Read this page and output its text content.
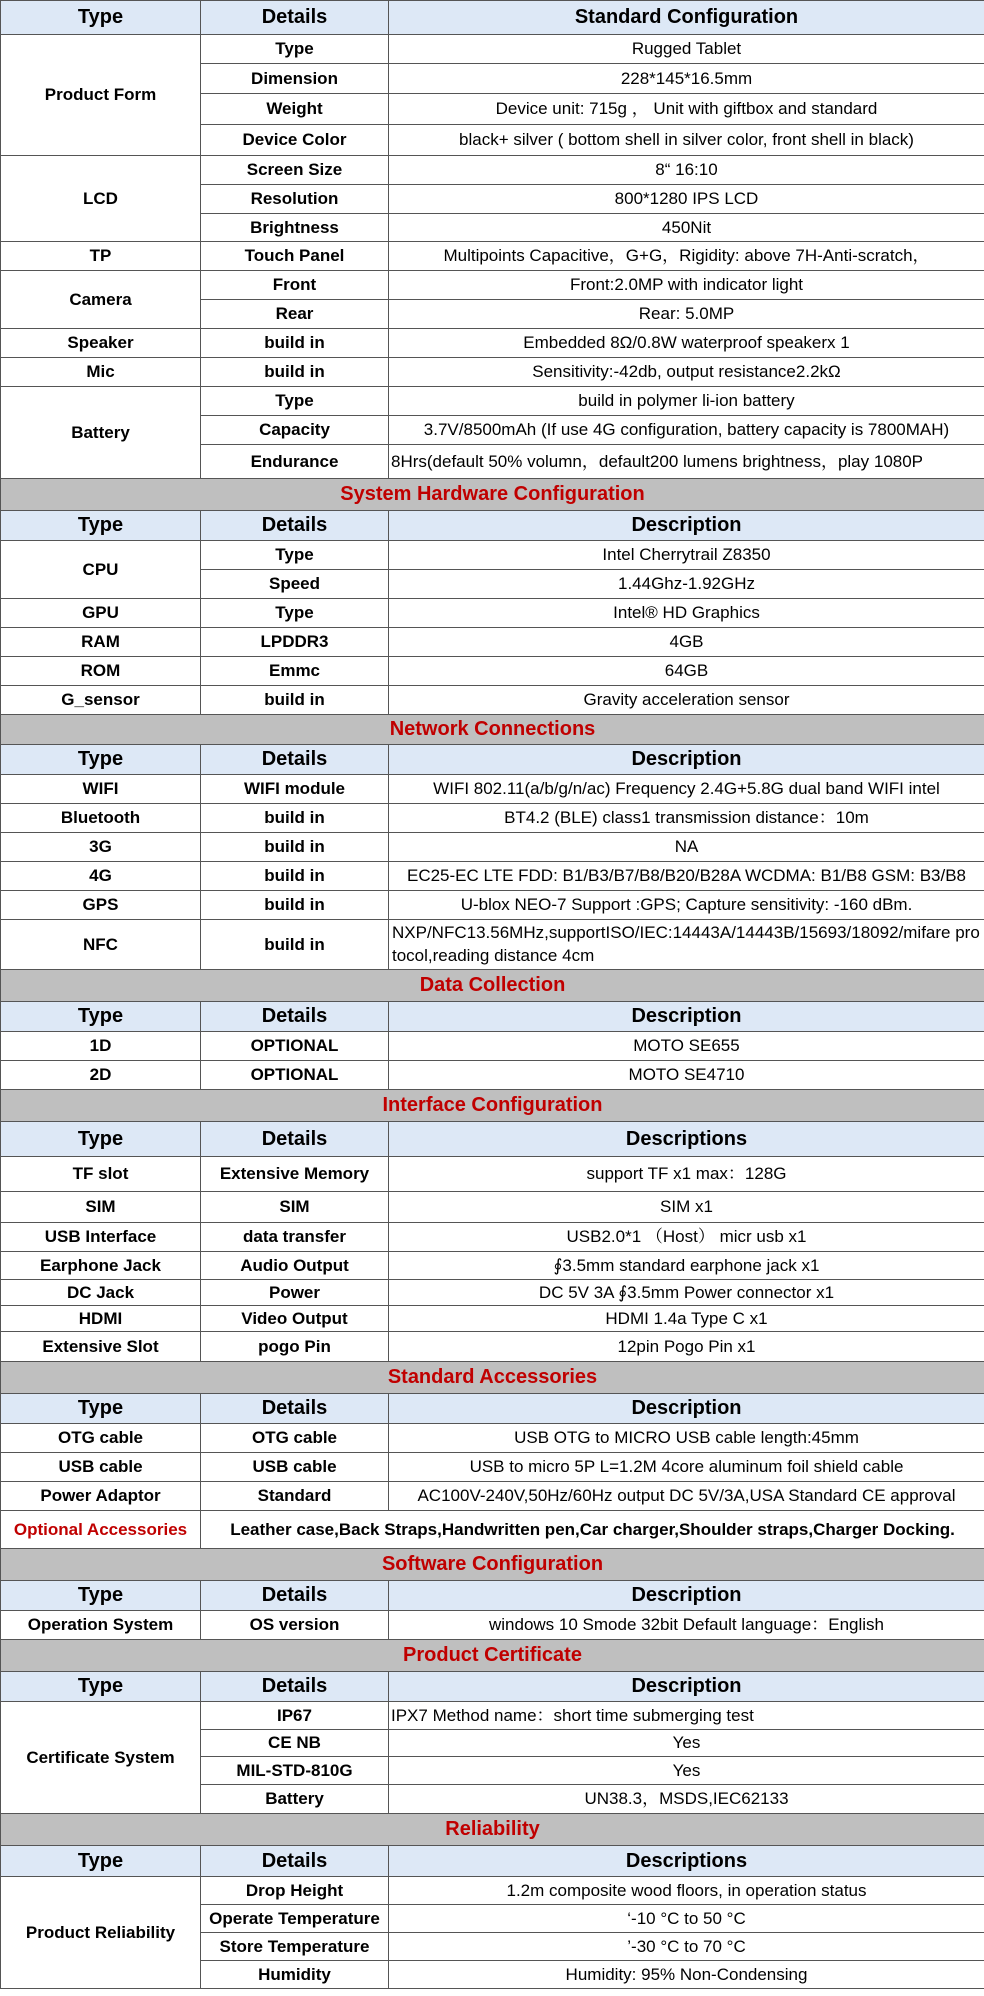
Type	Details	Standard Configuration
Product Form	Type	Rugged Tablet
	Dimension	228*145*16.5mm
	Weight	Device unit: 715g ， Unit with giftbox and standard
	Device Color	black+ silver ( bottom shell in silver color, front shell in black)
LCD	Screen Size	8“ 16:10
	Resolution	800*1280 IPS LCD
	Brightness	450Nit
TP	Touch Panel	Multipoints Capacitive，G+G，Rigidity: above 7H-Anti-scratch，
Camera	Front	Front:2.0MP with indicator light
	Rear	Rear: 5.0MP
Speaker	build in	Embedded 8Ω/0.8W waterproof speakerx 1
Mic	build in	Sensitivity:-42db, output resistance2.2kΩ
Battery	Type	build in polymer li-ion battery
	Capacity	3.7V/8500mAh (If use 4G configuration, battery capacity is 7800MAH)
	Endurance	8Hrs(default 50% volumn，default200 lumens brightness，play 1080P
System Hardware Configuration		
Type	Details	Description
CPU	Type	Intel Cherrytrail Z8350
	Speed	1.44Ghz-1.92GHz
GPU	Type	Intel® HD Graphics
RAM	LPDDR3	4GB
ROM	Emmc	64GB
G_sensor	build in	Gravity acceleration sensor
Network Connections		
Type	Details	Description
WIFI	WIFI module	WIFI 802.11(a/b/g/n/ac) Frequency 2.4G+5.8G dual band WIFI intel
Bluetooth	build in	BT4.2 (BLE) class1 transmission distance：10m
3G	build in	NA
4G	build in	EC25-EC LTE FDD: B1/B3/B7/B8/B20/B28A WCDMA: B1/B8 GSM: B3/B8
GPS	build in	U-blox NEO-7 Support :GPS; Capture sensitivity: -160 dBm.
NFC	build in	NXP/NFC13.56MHz,supportISO/IEC:14443A/14443B/15693/18092/mifare protocol,reading distance 4cm
Data Collection		
Type	Details	Description
1D	OPTIONAL	MOTO SE655
2D	OPTIONAL	MOTO SE4710
Interface Configuration		
Type	Details	Descriptions
TF slot	Extensive Memory	support TF x1 max：128G
SIM	SIM	SIM x1
USB Interface	data transfer	USB2.0*1 （Host） micr usb x1
Earphone Jack	Audio Output	∮3.5mm standard earphone jack x1
DC Jack	Power	DC 5V 3A ∮3.5mm Power connector x1
HDMI	Video Output	HDMI 1.4a Type C x1
Extensive Slot	pogo Pin	12pin Pogo Pin x1
Standard Accessories		
Type	Details	Description
OTG cable	OTG cable	USB OTG to MICRO USB cable length:45mm
USB cable	USB cable	USB to micro 5P L=1.2M 4core aluminum foil shield cable
Power Adaptor	Standard	AC100V-240V,50Hz/60Hz output DC 5V/3A,USA Standard CE approval
Optional Accessories	Leather case,Back Straps,Handwritten pen,Car charger,Shoulder straps,Charger Docking.	
Software Configuration		
Type	Details	Description
Operation System	OS version	windows 10 Smode 32bit Default language：English
Product Certificate		
Type	Details	Description
Certificate System	IP67	IPX7 Method name：short time submerging test
	CE NB	Yes
	MIL-STD-810G	Yes
	Battery	UN38.3，MSDS,IEC62133
Reliability		
Type	Details	Descriptions
Product Reliability	Drop Height	1.2m composite wood floors, in operation status
	Operate Temperature	‘-10 °C to 50 °C
	Store Temperature	’-30 °C to 70 °C
	Humidity	Humidity: 95% Non-Condensing
